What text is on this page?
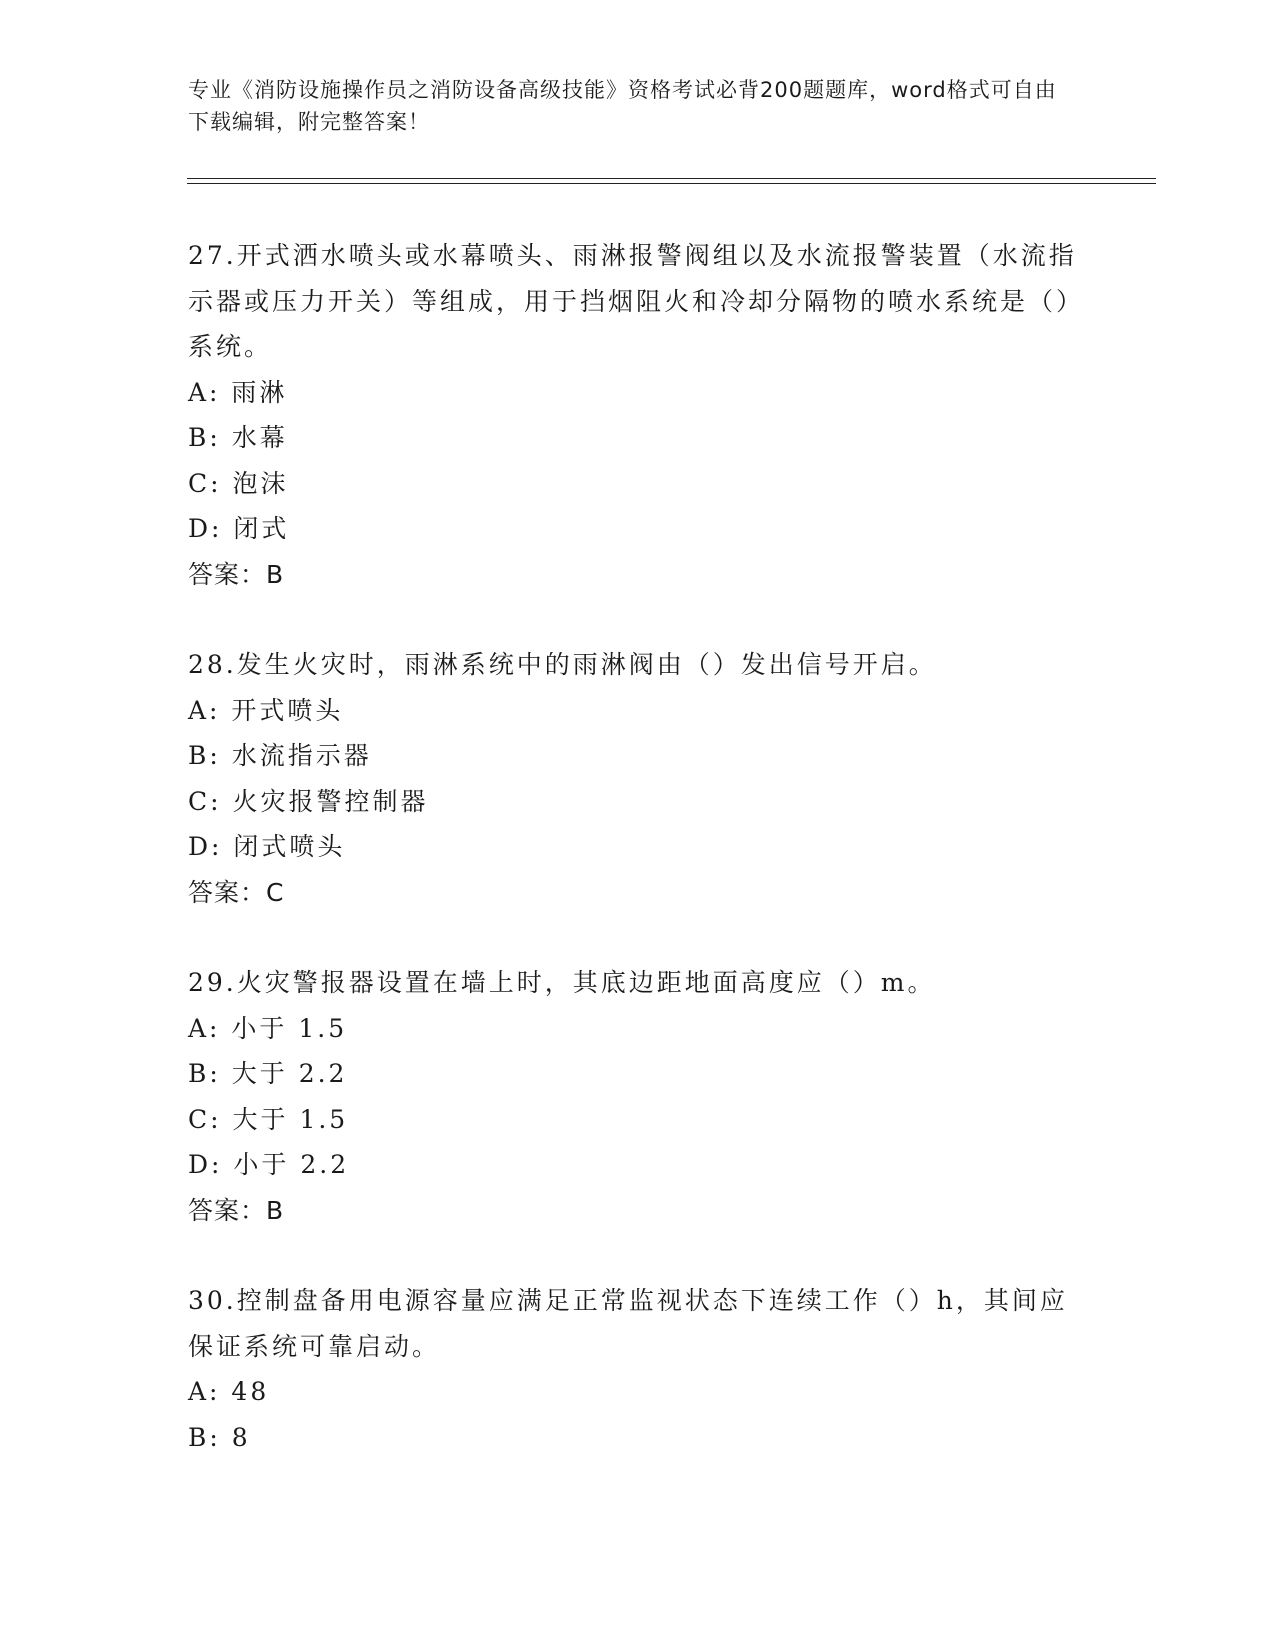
专业《消防设施操作员之消防设备高级技能》资格考试必背200题题库，word格式可自由下载编辑，附完整答案！
27.开式洒水喷头或水幕喷头、雨淋报警阀组以及水流报警装置（水流指示器或压力开关）等组成，用于挡烟阻火和冷却分隔物的喷水系统是（）系统。
A: 雨淋
B: 水幕
C: 泡沫
D: 闭式
答案：B
28.发生火灾时，雨淋系统中的雨淋阀由（）发出信号开启。
A: 开式喷头
B: 水流指示器
C: 火灾报警控制器
D: 闭式喷头
答案：C
29.火灾警报器设置在墙上时，其底边距地面高度应（）m。
A: 小于 1.5
B: 大于 2.2
C: 大于 1.5
D: 小于 2.2
答案：B
30.控制盘备用电源容量应满足正常监视状态下连续工作（）h，其间应保证系统可靠启动。
A: 48
B: 8
